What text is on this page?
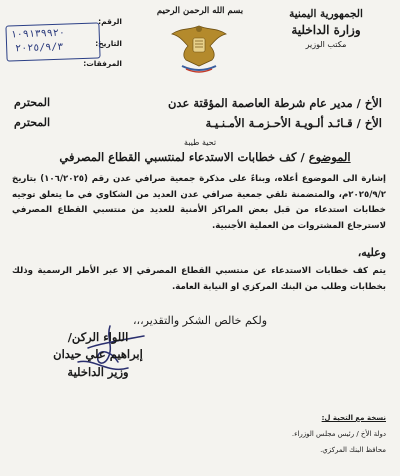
الجمهورية اليمنية
وزارة الداخلية
مكتب الوزير
بسم الله الرحمن الرحيم
الرقم:
التاريخ:
المرفقات:
١٠٩١٣٩٩٢٠
٢٠٢٥/٩/٣
الأخ / مدير عام شرطة العاصمة المؤقتة عدن
المحترم
الأخ / قـائـد ألـويـة الأحـزمـة الأمـنـيـة
المحترم
تحية طيبة
الموضوع / كف خطابات الاستدعاء لمنتسبي القطاع المصرفي
إشارة الى الموضوع أعلاه، وبناءً على مذكرة جمعية صرافي عدن رقم (١٠٦/٢٠٢٥) بتاريخ ٢٠٢٥/٩/٢م، والمتضمنة تلقي جمعية صرافي عدن العديد من الشكاوي في ما يتعلق توجيه خطابات استدعاء من قبل بعض المراكز الأمنية للعديد من منتسبي القطاع المصرفي لاسترجاع المشتروات من العملية الأجنبية.
وعليه،
يتم كف خطابات الاستدعاء عن منتسبي القطاع المصرفي إلا عبر الأطر الرسمية وذلك بخطابات وطلب من البنك المركزي او النيابة العامة.
ولكم خالص الشكر والتقدير،،،
اللواء الركن/
إبراهيم علي حيدان
وزير الداخلية
نسخة مع التحية ل:
دولة الأخ / رئيس مجلس الوزراء.
محافظ البنك المركزي.
